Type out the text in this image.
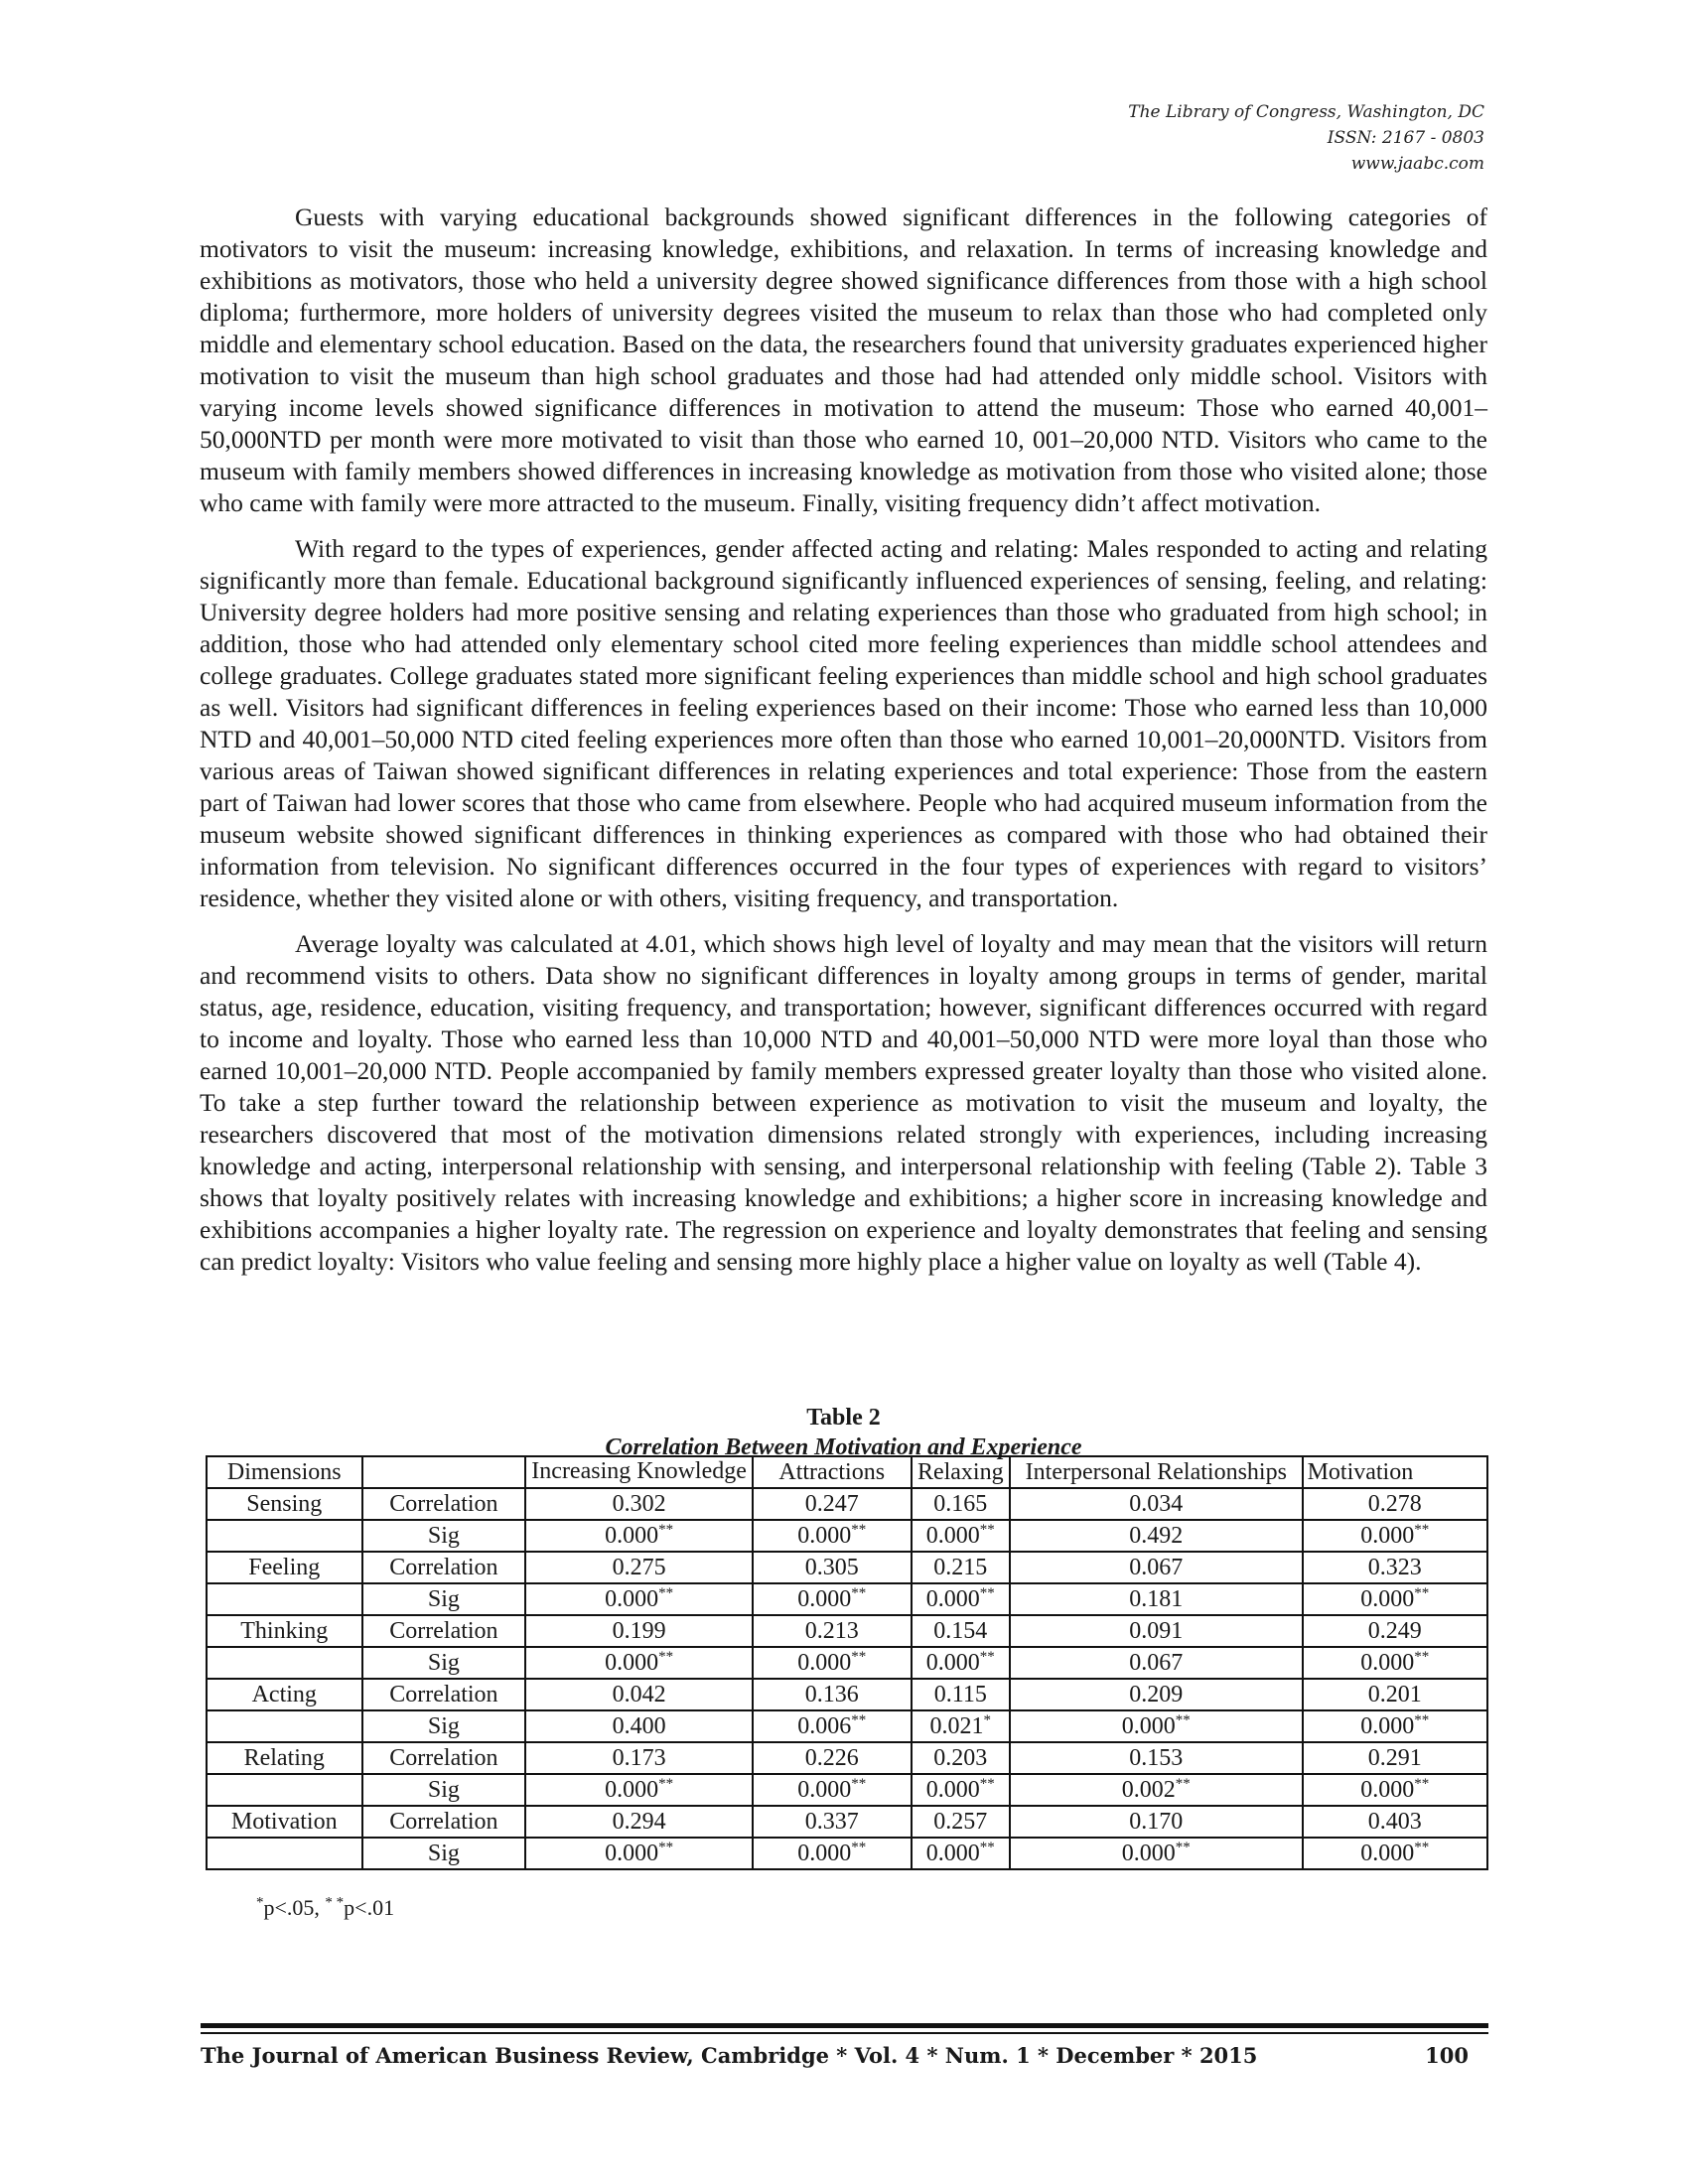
The Library of Congress, Washington, DC
ISSN: 2167 - 0803
www.jaabc.com

Guests with varying educational backgrounds showed significant differences in the following categories of motivators to visit the museum: increasing knowledge, exhibitions, and relaxation. In terms of increasing knowledge and exhibitions as motivators, those who held a university degree showed significance differences from those with a high school diploma; furthermore, more holders of university degrees visited the museum to relax than those who had completed only middle and elementary school education. Based on the data, the researchers found that university graduates experienced higher motivation to visit the museum than high school graduates and those had had attended only middle school. Visitors with varying income levels showed significance differences in motivation to attend the museum: Those who earned 40,001–50,000NTD per month were more motivated to visit than those who earned 10, 001–20,000 NTD. Visitors who came to the museum with family members showed differences in increasing knowledge as motivation from those who visited alone; those who came with family were more attracted to the museum. Finally, visiting frequency didn’t affect motivation.

With regard to the types of experiences, gender affected acting and relating: Males responded to acting and relating significantly more than female. Educational background significantly influenced experiences of sensing, feeling, and relating: University degree holders had more positive sensing and relating experiences than those who graduated from high school; in addition, those who had attended only elementary school cited more feeling experiences than middle school attendees and college graduates. College graduates stated more significant feeling experiences than middle school and high school graduates as well. Visitors had significant differences in feeling experiences based on their income: Those who earned less than 10,000 NTD and 40,001–50,000 NTD cited feeling experiences more often than those who earned 10,001–20,000NTD. Visitors from various areas of Taiwan showed significant differences in relating experiences and total experience: Those from the eastern part of Taiwan had lower scores that those who came from elsewhere. People who had acquired museum information from the museum website showed significant differences in thinking experiences as compared with those who had obtained their information from television. No significant differences occurred in the four types of experiences with regard to visitors’ residence, whether they visited alone or with others, visiting frequency, and transportation.

Average loyalty was calculated at 4.01, which shows high level of loyalty and may mean that the visitors will return and recommend visits to others. Data show no significant differences in loyalty among groups in terms of gender, marital status, age, residence, education, visiting frequency, and transportation; however, significant differences occurred with regard to income and loyalty. Those who earned less than 10,000 NTD and 40,001–50,000 NTD were more loyal than those who earned 10,001–20,000 NTD. People accompanied by family members expressed greater loyalty than those who visited alone. To take a step further toward the relationship between experience as motivation to visit the museum and loyalty, the researchers discovered that most of the motivation dimensions related strongly with experiences, including increasing knowledge and acting, interpersonal relationship with sensing, and interpersonal relationship with feeling (Table 2). Table 3 shows that loyalty positively relates with increasing knowledge and exhibitions; a higher score in increasing knowledge and exhibitions accompanies a higher loyalty rate. The regression on experience and loyalty demonstrates that feeling and sensing can predict loyalty: Visitors who value feeling and sensing more highly place a higher value on loyalty as well (Table 4).

Table 2
Correlation Between Motivation and Experience
Dimensions		Increasing Knowledge	Attractions	Relaxing	Interpersonal Relationships	Motivation
Sensing	Correlation	0.302	0.247	0.165	0.034	0.278
	Sig	0.000**	0.000**	0.000**	0.492	0.000**
Feeling	Correlation	0.275	0.305	0.215	0.067	0.323
	Sig	0.000**	0.000**	0.000**	0.181	0.000**
Thinking	Correlation	0.199	0.213	0.154	0.091	0.249
	Sig	0.000**	0.000**	0.000**	0.067	0.000**
Acting	Correlation	0.042	0.136	0.115	0.209	0.201
	Sig	0.400	0.006**	0.021*	0.000**	0.000**
Relating	Correlation	0.173	0.226	0.203	0.153	0.291
	Sig	0.000**	0.000**	0.000**	0.002**	0.000**
Motivation	Correlation	0.294	0.337	0.257	0.170	0.403
	Sig	0.000**	0.000**	0.000**	0.000**	0.000**
*p<.05, * *p<.01
The Journal of American Business Review, Cambridge * Vol. 4 * Num. 1 * December * 2015	100
